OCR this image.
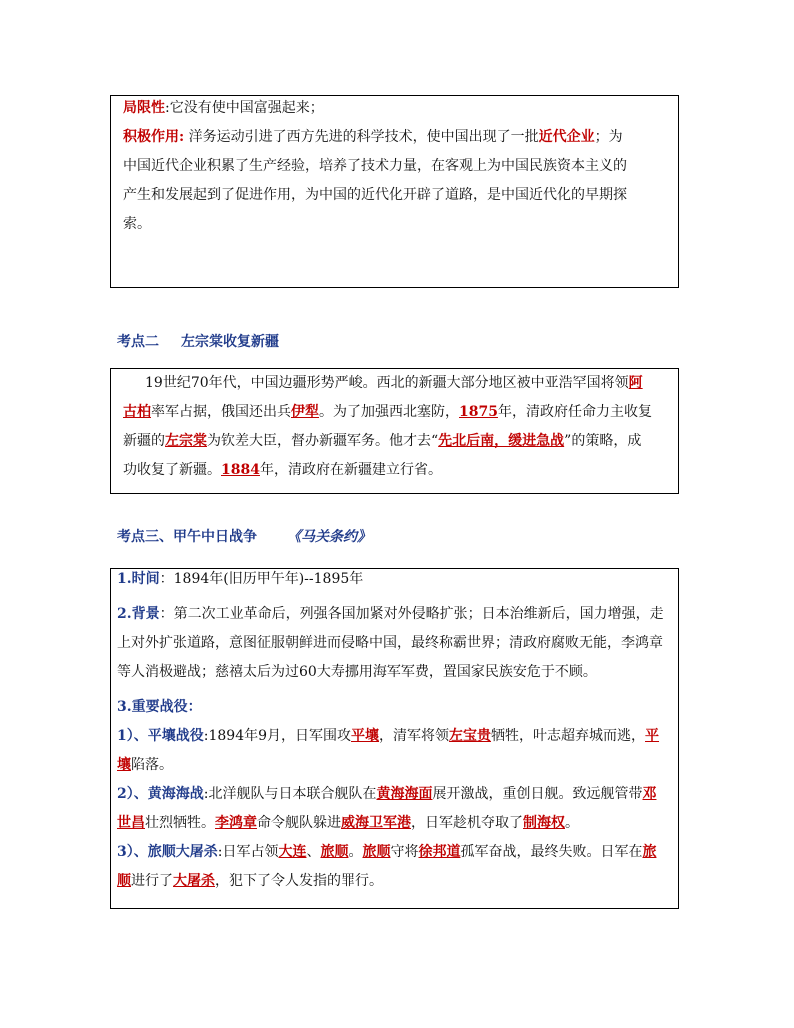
局限性:它没有使中国富强起来；

积极作用: 洋务运动引进了西方先进的科学技术，使中国出现了一批近代企业；为

中国近代企业积累了生产经验，培养了技术力量，在客观上为中国民族资本主义的

产生和发展起到了促进作用，为中国的近代化开辟了道路，是中国近代化的早期探

索。

考点二 左宗棠收复新疆

19世纪70年代，中国边疆形势严峻。西北的新疆大部分地区被中亚浩罕国将领阿古柏率军占据，俄国还出兵伊犁。为了加强西北塞防，1875年，清政府任命力主收复新疆的左宗棠为钦差大臣，督办新疆军务。他才去“先北后南，缓进急战”的策略，成功收复了新疆。1884年，清政府在新疆建立行省。

考点三、甲午中日战争 《马关条约》

1.时间：1894年(旧历甲午年)--1895年

2.背景：第二次工业革命后，列强各国加紧对外侵略扩张；日本治维新后，国力增强，走上对外扩张道路，意图征服朝鲜进而侵略中国，最终称霸世界；清政府腐败无能，李鸿章等人消极避战；慈禧太后为过60大寿挪用海军军费，置国家民族安危于不顾。

3.重要战役：

1）、平壤战役:1894年9月，日军围攻平壤，清军将领左宝贵牺牲，叶志超弃城而逃，平壤陷落。

2）、黄海海战:北洋舰队与日本联合舰队在黄海海面展开激战，重创日舰。致远舰管带邓世昌壮烈牺牲。李鸿章命令舰队躲进威海卫军港，日军趁机夺取了制海权。

3）、旅顺大屠杀:日军占领大连、旅顺。旅顺守将徐邦道孤军奋战，最终失败。日军在旅顺进行了大屠杀，犯下了令人发指的罪行。
